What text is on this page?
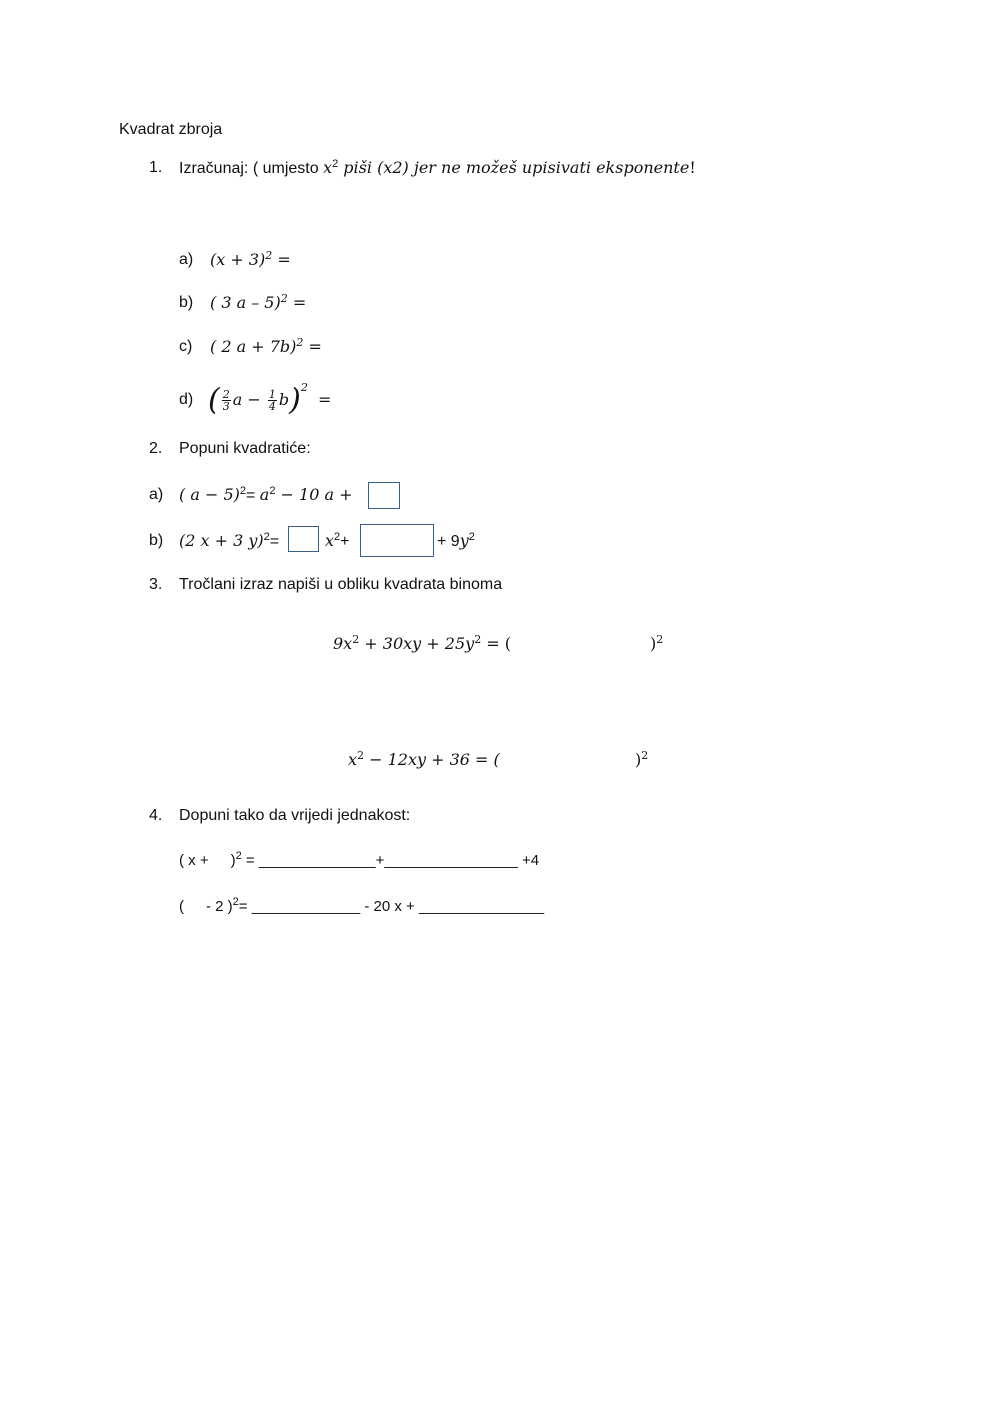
Kvadrat zbroja
1. Izračunaj: ( umjesto $x^2$ piši (x2) jer ne možeš upisivati eksponente!
a) $(x + 3)^2$ =
b) ( 3 a – 5)$^2$ =
c) ( 2 a + 7b)$^2$ =
d) ( $\frac{2}{3}$ $a - \frac{1}{4} b)^2$  =
2. Popuni kvadratiće:
a) ( $a - 5)^2= a^2 - 10$ a +
b) (2 x + 3 y)$^2$=	$x^2+$	+ $9y^2$
3. Tročlani izraz napiši u obliku kvadrata binoma
$9x^2 + 30xy + 25y^2$ = (	)$^2$
$x^2 - 12xy + 36$ = (	)$^2$
4. Dopuni tako da vrijedi jednakost:
( x + )$^2$ = ______________+________________ +4
( - 2 )$^2$= _____________ - 20 x + _______________
